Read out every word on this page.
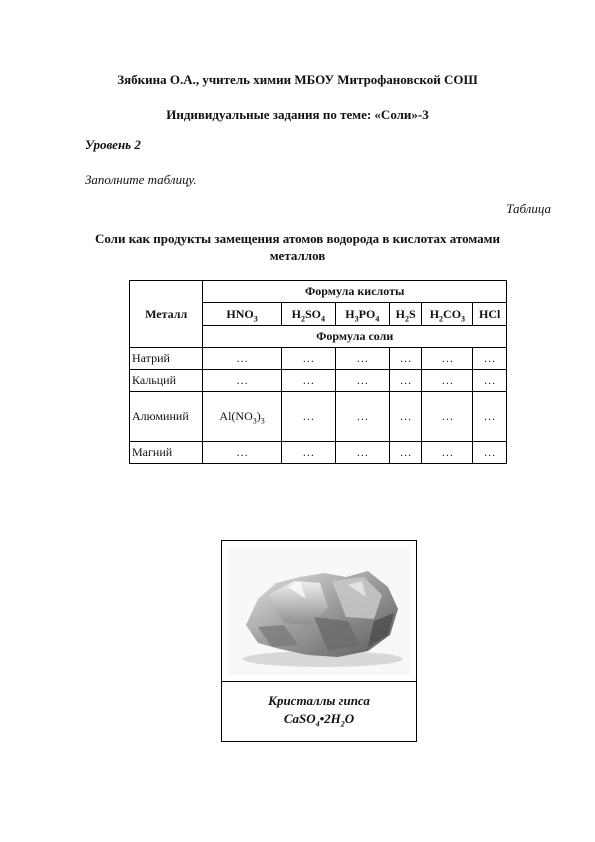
Зябкина О.А., учитель химии МБОУ Митрофановской СОШ
Индивидуальные задания по теме: «Соли»-3
Уровень 2
Заполните таблицу.
Таблица
Соли как продукты замещения атомов водорода в кислотах атомами
металлов
Металл	Формула кислоты					
	$HNO_3$	$H_2SO_4$	$H_3PO_4$	$H_2S$	$H_2CO_3$	HCl
	Формула соли					
Натрий	…	…	…	…	…	…
Кальций	…	…	…	…	…	…
Алюминий	$Al(NO_3)_3$	…	…	…	…	…
Магний	…	…	…	…	…	…
Кристаллы гипса
$CaSO_4•2H_2O$
